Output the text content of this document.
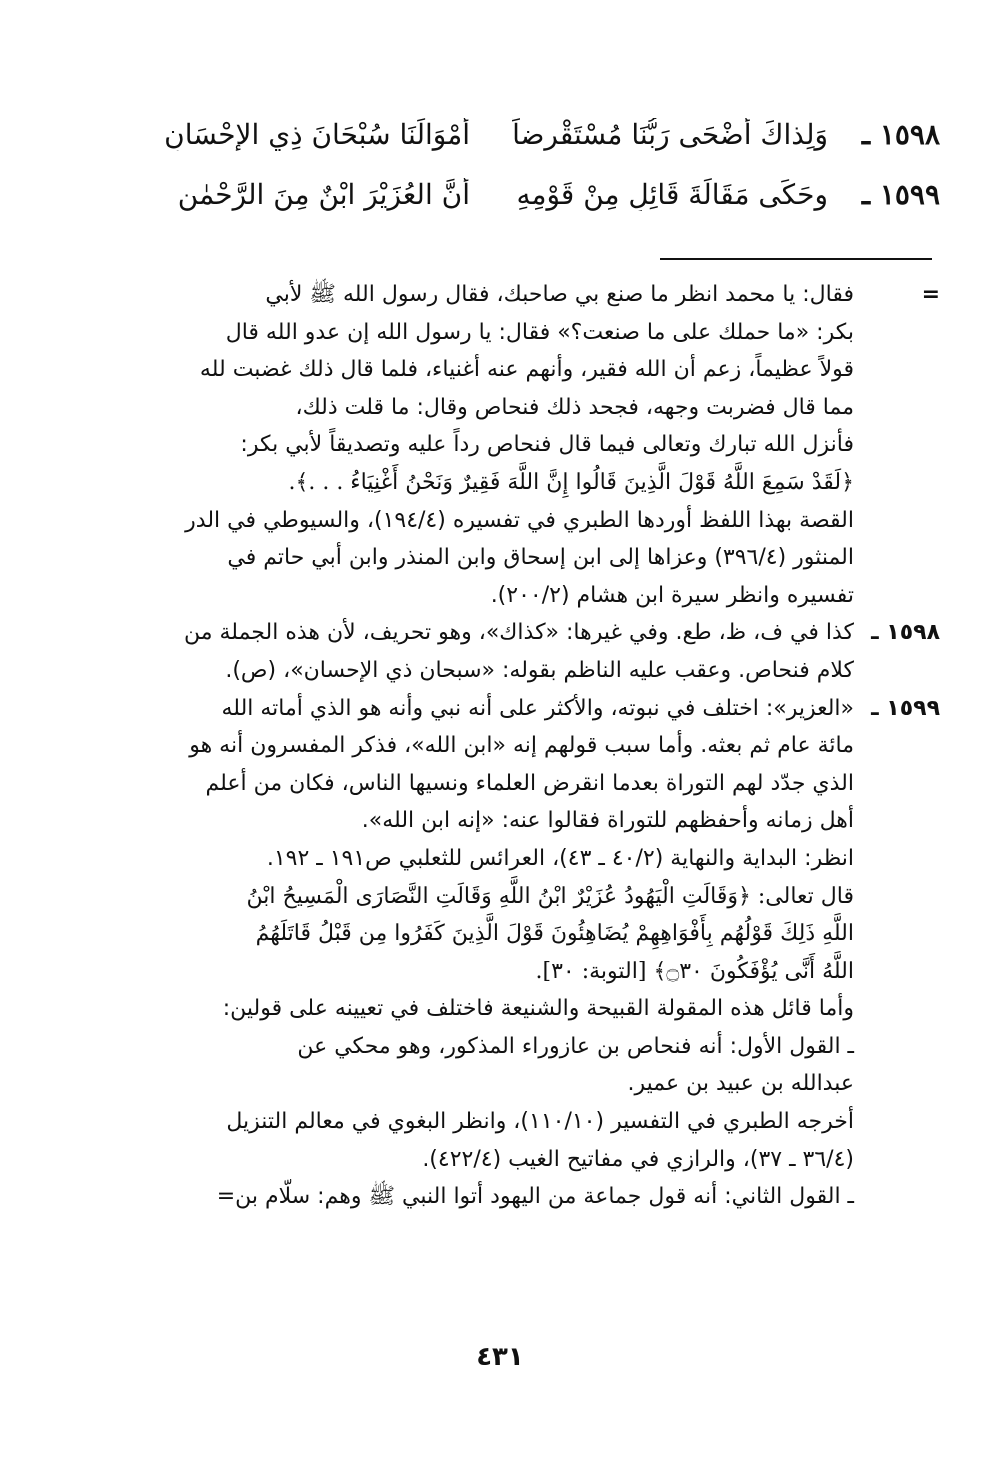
١٥٩٨ ـ
وَلِذاكَ أَضْحَى رَبُّنَا مُسْتَقْرِضاً
أَمْوَالَنَا سُبْحَانَ ذِي الإِحْسَانِ
١٥٩٩ ـ
وحَكَى مَقَالَةَ قَائِلٍ مِنْ قَوْمِهِ
أَنَّ العُزَيْرَ ابْنٌ مِنَ الرَّحْمٰنِ
=

فقال: يا محمد انظر ما صنع بي صاحبك، فقال رسول الله ﷺ لأبي

بكر: «ما حملك على ما صنعت؟» فقال: يا رسول الله إن عدو الله قال

قولاً عظيماً، زعم أن الله فقير، وأنهم عنه أغنياء، فلما قال ذلك غضبت لله

مما قال فضربت وجهه، فجحد ذلك فنحاص وقال: ما قلت ذلك،

فأنزل الله تبارك وتعالى فيما قال فنحاص رداً عليه وتصديقاً لأبي بكر:

﴿لَقَدْ سَمِعَ اللَّهُ قَوْلَ الَّذِينَ قَالُوا إِنَّ اللَّهَ فَقِيرٌ وَنَحْنُ أَغْنِيَاءُ . . .﴾.

القصة بهذا اللفظ أوردها الطبري في تفسيره (١٩٤/٤)، والسيوطي في الدر

المنثور (٣٩٦/٤) وعزاها إلى ابن إسحاق وابن المنذر وابن أبي حاتم في

تفسيره وانظر سيرة ابن هشام (٢٠٠/٢).

١٥٩٨ ـ

كذا في ف، ظ، طع. وفي غيرها: «كذاك»، وهو تحريف، لأن هذه الجملة من

كلام فنحاص. وعقب عليه الناظم بقوله: «سبحان ذي الإحسان»، (ص).

١٥٩٩ ـ

«العزير»: اختلف في نبوته، والأكثر على أنه نبي وأنه هو الذي أماته الله

مائة عام ثم بعثه. وأما سبب قولهم إنه «ابن الله»، فذكر المفسرون أنه هو

الذي جدّد لهم التوراة بعدما انقرض العلماء ونسيها الناس، فكان من أعلم

أهل زمانه وأحفظهم للتوراة فقالوا عنه: «إنه ابن الله».

انظر: البداية والنهاية (٤٠/٢ ـ ٤٣)، العرائس للثعلبي ص١٩١ ـ ١٩٢.

قال تعالى: ﴿وَقَالَتِ الْيَهُودُ عُزَيْرٌ ابْنُ اللَّهِ وَقَالَتِ النَّصَارَى الْمَسِيحُ ابْنُ

اللَّهِ ذَلِكَ قَوْلُهُم بِأَفْوَاهِهِمْ يُضَاهِئُونَ قَوْلَ الَّذِينَ كَفَرُوا مِن قَبْلُ قَاتَلَهُمُ

اللَّهُ أَنَّى يُؤْفَكُونَ ۝٣٠﴾ [التوبة: ٣٠].

وأما قائل هذه المقولة القبيحة والشنيعة فاختلف في تعيينه على قولين:

ـ القول الأول: أنه فنحاص بن عازوراء المذكور، وهو محكي عن

عبدالله بن عبيد بن عمير.

أخرجه الطبري في التفسير (١١٠/١٠)، وانظر البغوي في معالم التنزيل

(٣٦/٤ ـ ٣٧)، والرازي في مفاتيح الغيب (٤٢٢/٤).

ـ القول الثاني: أنه قول جماعة من اليهود أتوا النبي ﷺ وهم: سلّام بن=

٤٣١
